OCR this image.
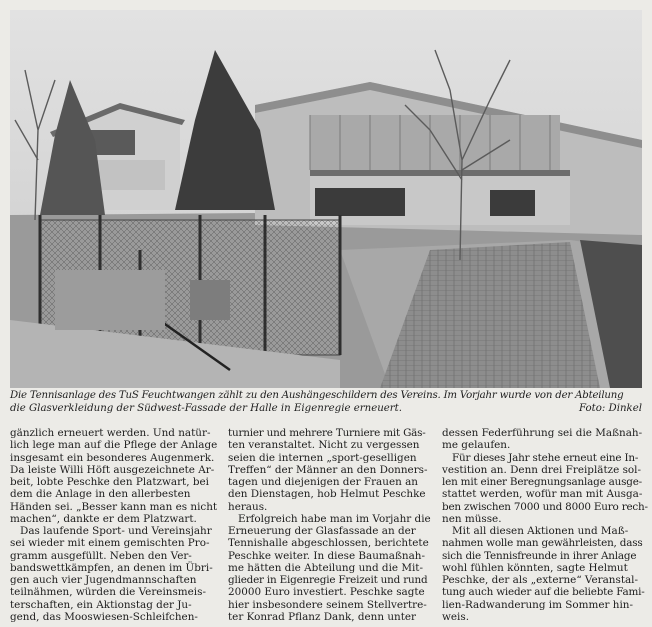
Die Tennisanlage des TuS Feuchtwangen zählt zu den Aushängeschildern des Vereins. Im Vorjahr wurde von der Abteilung
die Glasverkleidung der Südwest-Fassade der Halle in Eigenregie erneuert.	Foto: Dinkel
gänzlich erneuert werden. Und natür-
lich lege man auf die Pflege der Anlage
insgesamt ein besonderes Augenmerk.
Da leiste Willi Höft ausgezeichnete Ar-
beit, lobte Peschke den Platzwart, bei
dem die Anlage in den allerbesten
Händen sei. „Besser kann man es nicht
machen“, dankte er dem Platzwart.
Das laufende Sport- und Vereinsjahr
sei wieder mit einem gemischten Pro-
gramm ausgefüllt. Neben den Ver-
bandswettkämpfen, an denen im Übri-
gen auch vier Jugendmannschaften
teilnähmen, würden die Vereinsmeis-
terschaften, ein Aktionstag der Ju-
gend, das Mooswiesen-Schleifchen-
turnier und mehrere Turniere mit Gäs-
ten veranstaltet. Nicht zu vergessen
seien die internen „sport-geselligen
Treffen“ der Männer an den Donners-
tagen und diejenigen der Frauen an
den Dienstagen, hob Helmut Peschke
heraus.
Erfolgreich habe man im Vorjahr die
Erneuerung der Glasfassade an der
Tennishalle abgeschlossen, berichtete
Peschke weiter. In diese Baumaßnah-
me hätten die Abteilung und die Mit-
glieder in Eigenregie Freizeit und rund
20000 Euro investiert. Peschke sagte
hier insbesondere seinem Stellvertre-
ter Konrad Pflanz Dank, denn unter
dessen Federführung sei die Maßnah-
me gelaufen.
Für dieses Jahr stehe erneut eine In-
vestition an. Denn drei Freiplätze sol-
len mit einer Beregnungsanlage ausge-
stattet werden, wofür man mit Ausga-
ben zwischen 7000 und 8000 Euro rech-
nen müsse.
Mit all diesen Aktionen und Maß-
nahmen wolle man gewährleisten, dass
sich die Tennisfreunde in ihrer Anlage
wohl fühlen könnten, sagte Helmut
Peschke, der als „externe“ Veranstal-
tung auch wieder auf die beliebte Fami-
lien-Radwanderung im Sommer hin-
weis.
